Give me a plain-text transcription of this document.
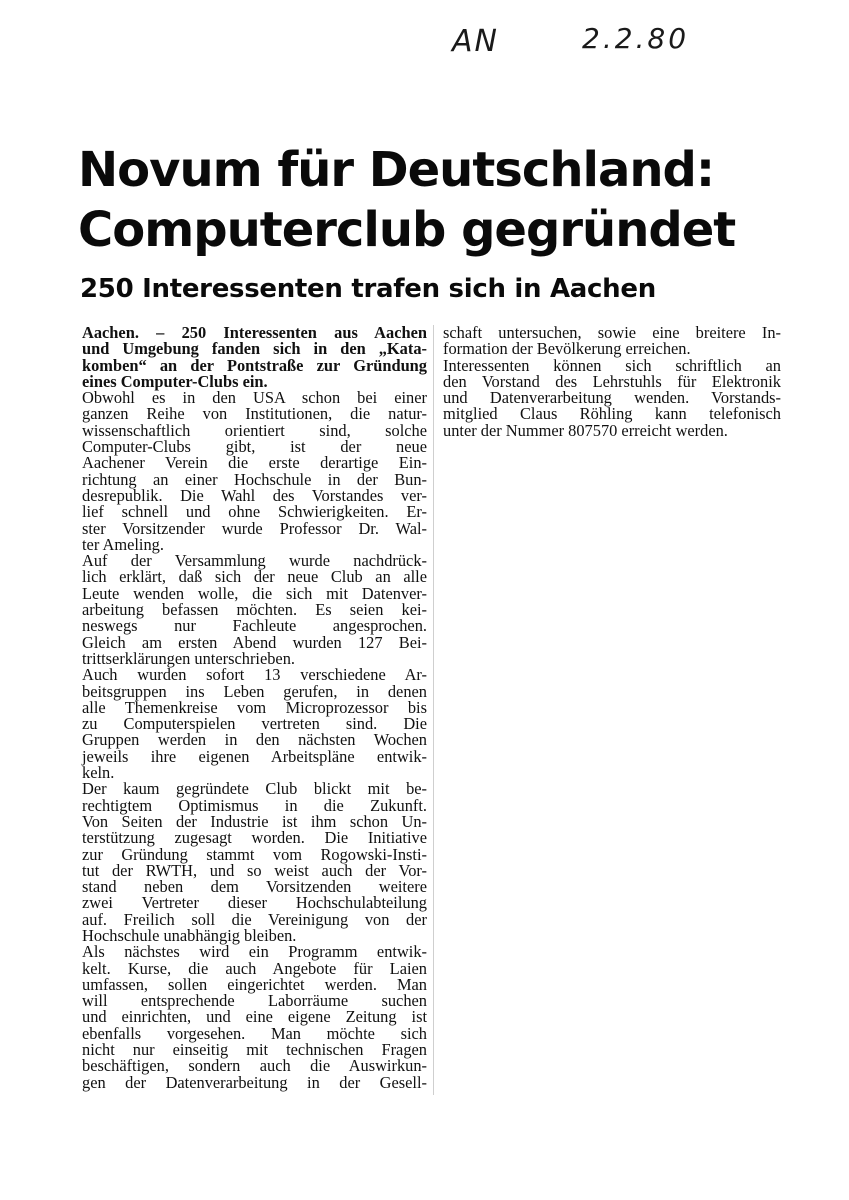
AN	2.2.80
Novum für Deutschland:
Computerclub gegründet
250 Interessenten trafen sich in Aachen
Aachen. – 250 Interessenten aus Aachen
und Umgebung fanden sich in den „Kata-
komben“ an der Pontstraße zur Gründung
eines Computer-Clubs ein.
Obwohl es in den USA schon bei einer
ganzen Reihe von Institutionen, die natur-
wissenschaftlich orientiert sind, solche
Computer-Clubs gibt, ist der neue
Aachener Verein die erste derartige Ein-
richtung an einer Hochschule in der Bun-
desrepublik. Die Wahl des Vorstandes ver-
lief schnell und ohne Schwierigkeiten. Er-
ster Vorsitzender wurde Professor Dr. Wal-
ter Ameling.
Auf der Versammlung wurde nachdrück-
lich erklärt, daß sich der neue Club an alle
Leute wenden wolle, die sich mit Datenver-
arbeitung befassen möchten. Es seien kei-
neswegs nur Fachleute angesprochen.
Gleich am ersten Abend wurden 127 Bei-
trittserklärungen unterschrieben.
Auch wurden sofort 13 verschiedene Ar-
beitsgruppen ins Leben gerufen, in denen
alle Themenkreise vom Microprozessor bis
zu Computerspielen vertreten sind. Die
Gruppen werden in den nächsten Wochen
jeweils ihre eigenen Arbeitspläne entwik-
keln.
Der kaum gegründete Club blickt mit be-
rechtigtem Optimismus in die Zukunft.
Von Seiten der Industrie ist ihm schon Un-
terstützung zugesagt worden. Die Initiative
zur Gründung stammt vom Rogowski-Insti-
tut der RWTH, und so weist auch der Vor-
stand neben dem Vorsitzenden weitere
zwei Vertreter dieser Hochschulabteilung
auf. Freilich soll die Vereinigung von der
Hochschule unabhängig bleiben.
Als nächstes wird ein Programm entwik-
kelt. Kurse, die auch Angebote für Laien
umfassen, sollen eingerichtet werden. Man
will entsprechende Laborräume suchen
und einrichten, und eine eigene Zeitung ist
ebenfalls vorgesehen. Man möchte sich
nicht nur einseitig mit technischen Fragen
beschäftigen, sondern auch die Auswirkun-
gen der Datenverarbeitung in der Gesell-
schaft untersuchen, sowie eine breitere In-
formation der Bevölkerung erreichen.
Interessenten können sich schriftlich an
den Vorstand des Lehrstuhls für Elektronik
und Datenverarbeitung wenden. Vorstands-
mitglied Claus Röhling kann telefonisch
unter der Nummer 807570 erreicht werden.
